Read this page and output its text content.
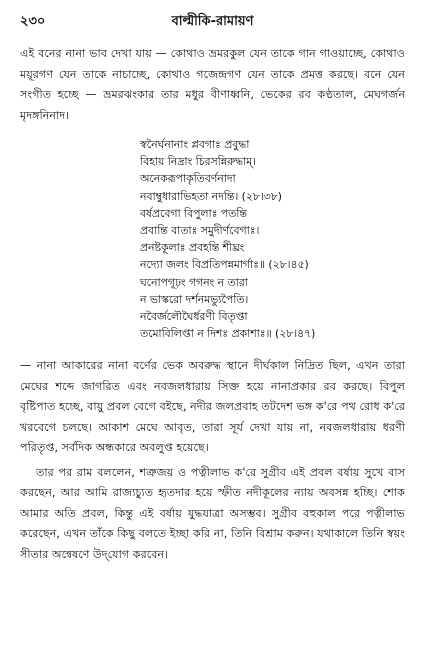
২৩০	বাল্মীকি-রামায়ণ

এই বনের নানা ভাব দেখা যায় — কোথাও ভ্রমরকুল যেন তাকে গান গাওয়াচ্ছে, কোথাও ময়ূরগণ যেন তাকে নাচাচ্ছে, কোথাও গজেন্দ্রগণ যেন তাকে প্রমত্ত করছে। বনে যেন সংগীত হচ্ছে — ভ্রমরঝংকার তার মধুর বীণাধ্বনি, ভেকের রব কণ্ঠতাল, মেঘগর্জন মৃদঙ্গনিনাদ।

স্বনৈর্ঘনানাং প্লবগাঃ প্রবুদ্ধা
বিহায় নিদ্রাং চিরসন্নিরুদ্ধাম্।
অনেকরূপাকৃতিবর্ণনাদা
নবাম্বুধারাভিহতা নদন্তি। (২৮।৩৮)
বর্ষপ্রবেগা বিপুলাঃ পতন্তি
প্রবান্তি বাতাঃ সমুদীর্ণবেগাঃ।
প্রনষ্টকূলাঃ প্রবহন্তি শীঘ্রং
নদ্যো জলং বিপ্রতিপন্নমার্গাঃ॥ (২৮।৪৫)
ঘনোপগূঢ়ং গগনং ন তারা
ন ভাস্করো দর্শনমভ্যুপৈতি।
নবৈর্জলৌঘৈর্ধরণী বিতৃপ্তা
তমোবিলিপ্তা ন দিশঃ প্রকাশাঃ॥ (২৮।৪৭)

— নানা আকারের নানা বর্ণের ভেক অবরুদ্ধ স্থানে দীর্ঘকাল নিদ্রিত ছিল, এখন তারা মেঘের শব্দে জাগরিত এবং নবজলধারায় সিক্ত হয়ে নানাপ্রকার রব করছে। বিপুল বৃষ্টিপাত হচ্ছে, বায়ু প্রবল বেগে বইছে, নদীর জলপ্রবাহ তটদেশ ভঙ্গ ক'রে পথ রোধ ক'রে খরবেগে চলছে। আকাশ মেঘে আবৃত, তারা সূর্য দেখা যায় না, নবজলধারায় ধরণী পরিতৃপ্ত, সর্বদিক অন্ধকারে অবলুপ্ত হয়েছে।

তার পর রাম বললেন, শত্রুজয় ও পত্নীলাভ ক'রে সুগ্রীব এই প্রবল বর্ষায় সুখে বাস করছেন, আর আমি রাজ্যচ্যুত হৃতদার হয়ে স্ফীত নদীকূলের ন্যায় অবসন্ন হচ্ছি। শোক আমার অতি প্রবল, কিন্তু এই বর্ষায় যুদ্ধযাত্রা অসম্ভব। সুগ্রীব বহুকাল পরে পত্নীলাভ করেছেন, এখন তাঁকে কিছু বলতে ইচ্ছা করি না, তিনি বিশ্রাম করুন। যথাকালে তিনি স্বয়ং সীতার অন্বেষণে উদ্‌যোগ করবেন।
